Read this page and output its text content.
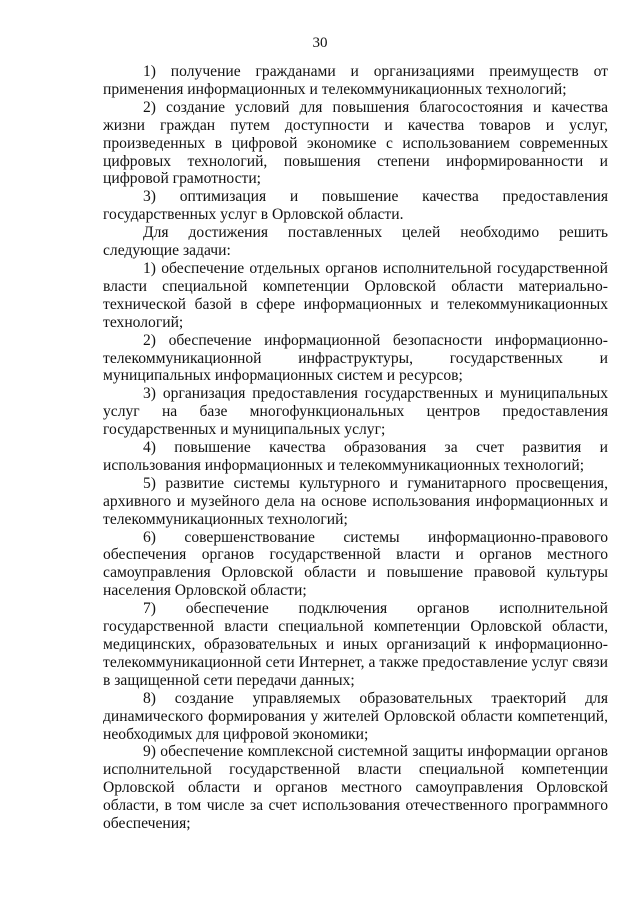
30

1) получение гражданами и организациями преимуществ от применения информационных и телекоммуникационных технологий;

2) создание условий для повышения благосостояния и качества жизни граждан путем доступности и качества товаров и услуг, произведенных в цифровой экономике с использованием современных цифровых технологий, повышения степени информированности и цифровой грамотности;

3) оптимизация и повышение качества предоставления государственных услуг в Орловской области.

Для достижения поставленных целей необходимо решить следующие задачи:

1) обеспечение отдельных органов исполнительной государственной власти специальной компетенции Орловской области материально-технической базой в сфере информационных и телекоммуникационных технологий;

2) обеспечение информационной безопасности информационно-телекоммуникационной инфраструктуры, государственных и муниципальных информационных систем и ресурсов;

3) организация предоставления государственных и муниципальных услуг на базе многофункциональных центров предоставления государственных и муниципальных услуг;

4) повышение качества образования за счет развития и использования информационных и телекоммуникационных технологий;

5) развитие системы культурного и гуманитарного просвещения, архивного и музейного дела на основе использования информационных и телекоммуникационных технологий;

6) совершенствование системы информационно-правового обеспечения органов государственной власти и органов местного самоуправления Орловской области и повышение правовой культуры населения Орловской области;

7) обеспечение подключения органов исполнительной государственной власти специальной компетенции Орловской области, медицинских, образовательных и иных организаций к информационно-телекоммуникационной сети Интернет, а также предоставление услуг связи в защищенной сети передачи данных;

8) создание управляемых образовательных траекторий для динамического формирования у жителей Орловской области компетенций, необходимых для цифровой экономики;

9) обеспечение комплексной системной защиты информации органов исполнительной государственной власти специальной компетенции Орловской области и органов местного самоуправления Орловской области, в том числе за счет использования отечественного программного обеспечения;
